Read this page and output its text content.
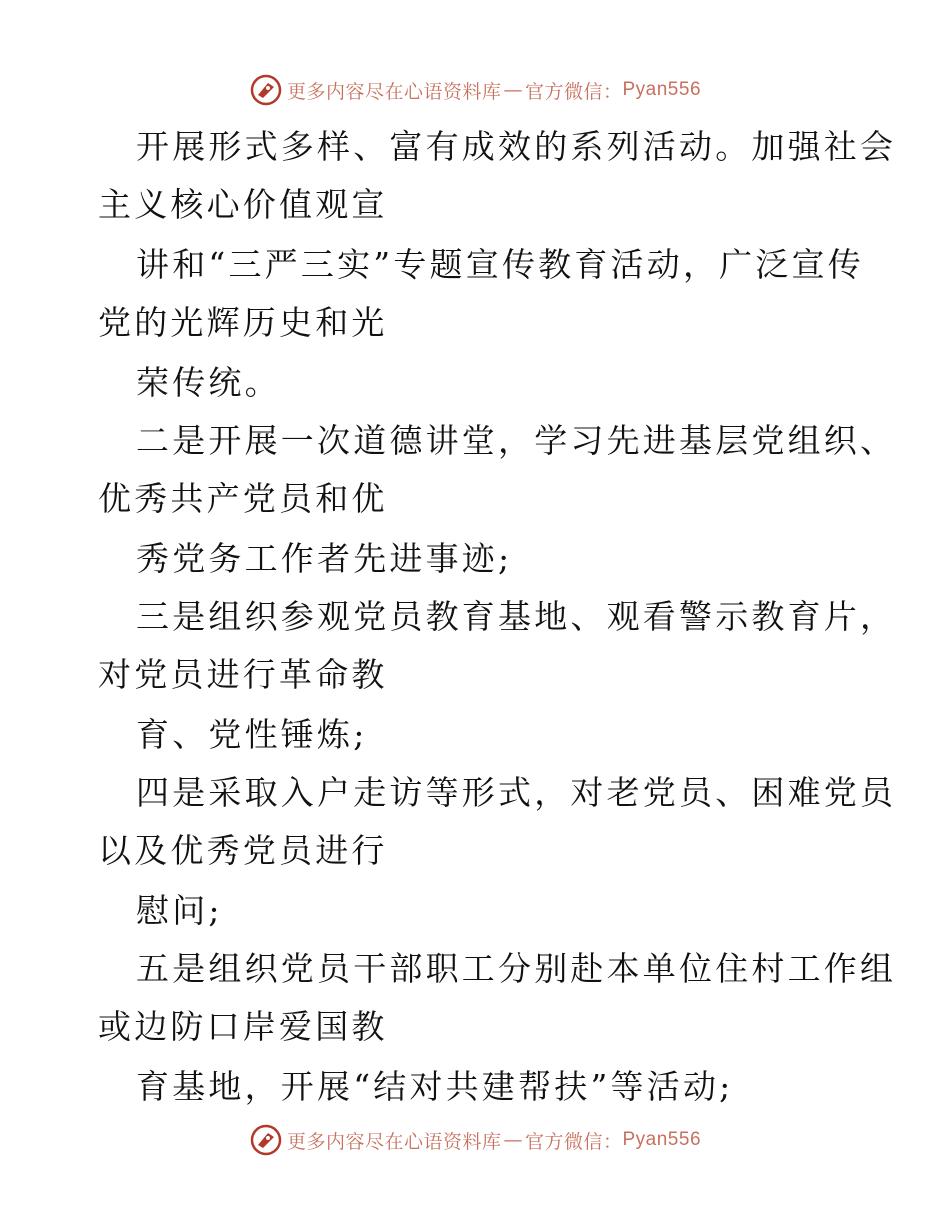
更多内容尽在心语资料库 — 官方微信： Pyan556
开展形式多样、富有成效的系列活动。加强社会
主义核心价值观宣
讲和“三严三实”专题宣传教育活动，广泛宣传
党的光辉历史和光
荣传统。
二是开展一次道德讲堂，学习先进基层党组织、
优秀共产党员和优
秀党务工作者先进事迹;
三是组织参观党员教育基地、观看警示教育片，
对党员进行革命教
育、党性锤炼;
四是采取入户走访等形式，对老党员、困难党员
以及优秀党员进行
慰问;
五是组织党员干部职工分别赴本单位住村工作组
或边防口岸爱国教
育基地，开展“结对共建帮扶”等活动;
更多内容尽在心语资料库 — 官方微信： Pyan556
